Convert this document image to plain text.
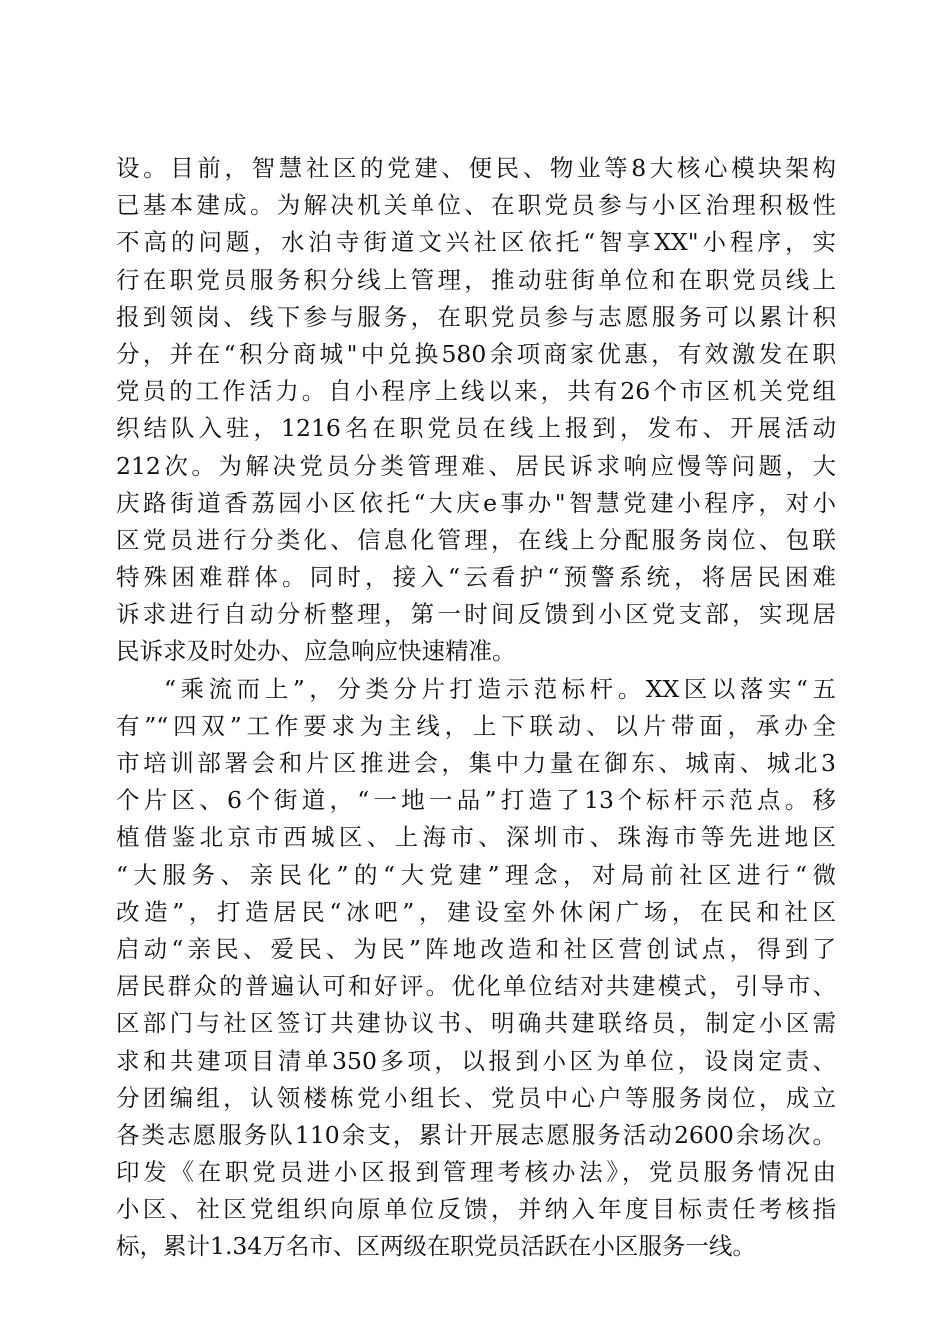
设。目前，智慧社区的党建、便民、物业等8大核心模块架构
已基本建成。为解决机关单位、在职党员参与小区治理积极性
不高的问题，水泊寺街道文兴社区依托“智享XX"小程序，实
行在职党员服务积分线上管理，推动驻街单位和在职党员线上
报到领岗、线下参与服务，在职党员参与志愿服务可以累计积
分，并在“积分商城"中兑换580余项商家优惠，有效激发在职
党员的工作活力。自小程序上线以来，共有26个市区机关党组
织结队入驻，1216名在职党员在线上报到，发布、开展活动
212次。为解决党员分类管理难、居民诉求响应慢等问题，大
庆路街道香荔园小区依托“大庆e事办"智慧党建小程序，对小
区党员进行分类化、信息化管理，在线上分配服务岗位、包联
特殊困难群体。同时，接入“云看护“预警系统，将居民困难
诉求进行自动分析整理，第一时间反馈到小区党支部，实现居
民诉求及时处办、应急响应快速精准。
“乘流而上”，分类分片打造示范标杆。XX区以落实“五
有”“四双”工作要求为主线，上下联动、以片带面，承办全
市培训部署会和片区推进会，集中力量在御东、城南、城北3
个片区、6个街道，“一地一品”打造了13个标杆示范点。移
植借鉴北京市西城区、上海市、深圳市、珠海市等先进地区
“大服务、亲民化”的“大党建”理念，对局前社区进行“微
改造”，打造居民“冰吧”，建设室外休闲广场，在民和社区
启动“亲民、爱民、为民”阵地改造和社区营创试点，得到了
居民群众的普遍认可和好评。优化单位结对共建模式，引导市、
区部门与社区签订共建协议书、明确共建联络员，制定小区需
求和共建项目清单350多项，以报到小区为单位，设岗定责、
分团编组，认领楼栋党小组长、党员中心户等服务岗位，成立
各类志愿服务队110余支，累计开展志愿服务活动2600余场次。
印发《在职党员进小区报到管理考核办法》，党员服务情况由
小区、社区党组织向原单位反馈，并纳入年度目标责任考核指
标，累计1.34万名市、区两级在职党员活跃在小区服务一线。
